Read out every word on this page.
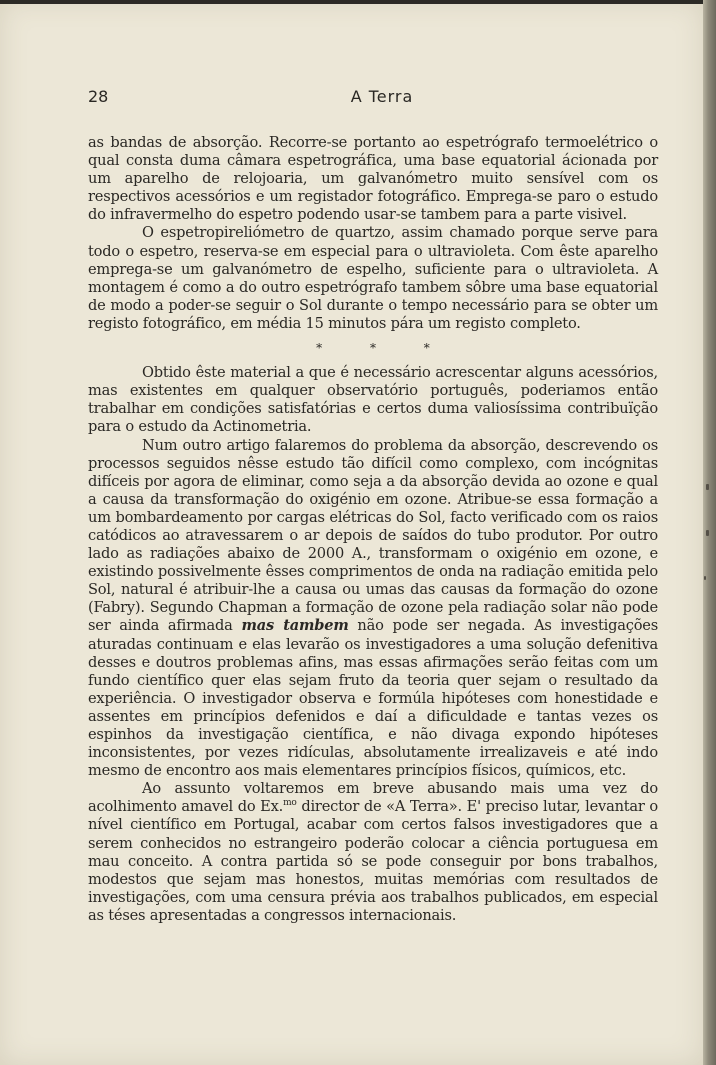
28	A Terra

as bandas de absorção. Recorre-se portanto ao espetrógrafo termoelétrico o qual consta duma câmara espetrográfica, uma base equatorial ácionada por um aparelho de relojoaria, um galvanómetro muito sensível com os respectivos acessórios e um registador fotográfico. Emprega-se paro o estudo do infravermelho do espetro podendo usar-se tambem para a parte visivel.

O espetropireliómetro de quartzo, assim chamado porque serve para todo o espetro, reserva-se em especial para o ultravioleta. Com êste aparelho emprega-se um galvanómetro de espelho, suficiente para o ultravioleta. A montagem é como a do outro espetrógrafo tambem sôbre uma base equatorial de modo a poder-se seguir o Sol durante o tempo necessário para se obter um registo fotográfico, em média 15 minutos pára um registo completo.

* * *

Obtido êste material a que é necessário acrescentar alguns acessórios, mas existentes em qualquer observatório português, poderiamos então trabalhar em condições satisfatórias e certos duma valiosíssima contribuïção para o estudo da Actinometria.

Num outro artigo falaremos do problema da absorção, descrevendo os processos seguidos nêsse estudo tão difícil como complexo, com incógnitas difíceis por agora de eliminar, como seja a da absorção devida ao ozone e qual a causa da transformação do oxigénio em ozone. Atribue-se essa formação a um bombardeamento por cargas elétricas do Sol, facto verificado com os raios catódicos ao atravessarem o ar depois de saídos do tubo produtor. Por outro lado as radiações abaixo de 2000 A., transformam o oxigénio em ozone, e existindo possivelmente êsses comprimentos de onda na radiação emitida pelo Sol, natural é atribuir-lhe a causa ou umas das causas da formação do ozone (Fabry). Segundo Chapman a formação de ozone pela radiação solar não pode ser ainda afirmada mas tambem não pode ser negada. As investigações aturadas continuam e elas levarão os investigadores a uma solução defenitiva desses e doutros problemas afins, mas essas afirmações serão feitas com um fundo científico quer elas sejam fruto da teoria quer sejam o resultado da experiência. O investigador observa e formúla hipóteses com honestidade e assentes em princípios defenidos e daí a dificuldade e tantas vezes os espinhos da investigação científica, e não divaga expondo hipóteses inconsistentes, por vezes ridículas, absolutamente irrealizaveis e até indo mesmo de encontro aos mais elementares princípios físicos, químicos, etc.

Ao assunto voltaremos em breve abusando mais uma vez do acolhimento amavel do Ex.$^{mo}$ director de «A Terra». E' preciso lutar, levantar o nível científico em Portugal, acabar com certos falsos investigadores que a serem conhecidos no estrangeiro poderão colocar a ciência portuguesa em mau conceito. A contra partida só se pode conseguir por bons trabalhos, modestos que sejam mas honestos, muitas memórias com resultados de investigações, com uma censura prévia aos trabalhos publicados, em especial as téses apresentadas a congressos internacionais.
